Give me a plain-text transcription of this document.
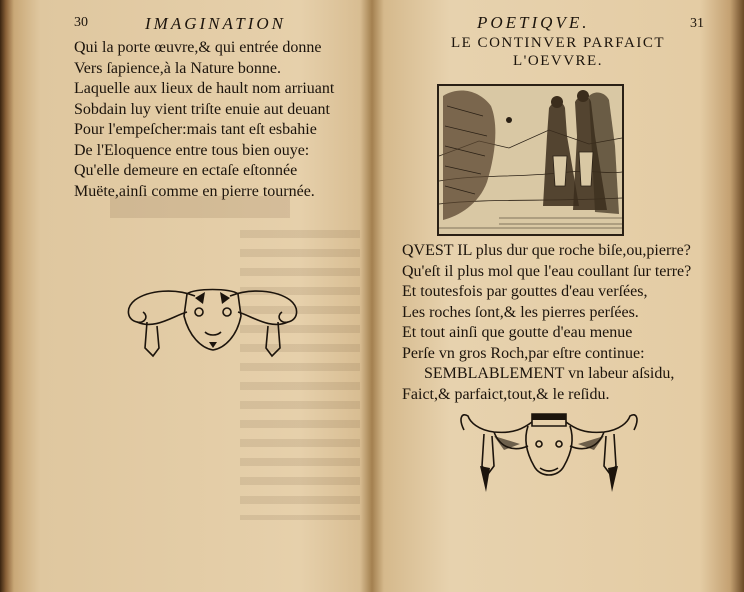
30	IMAGINATION
Qui la porte œuvre,& qui entrée donne
Vers ſapience,à la Nature bonne.
Laquelle aux lieux de hault nom arriuant
Sobdain luy vient triſte enuie aut deuant
Pour l'empeſcher:mais tant eſt esbahie
De l'Eloquence entre tous bien ouye:
Qu'elle demeure en ectaſe eſtonnée
Muëte,ainſi comme en pierre tournée.
POETIQVE.	31
LE CONTINVER PARFAICT
L'OEVVRE.
QVEST IL plus dur que roche biſe,ou,pierre?
Qu'eſt il plus mol que l'eau coullant ſur terre?
Et toutesfois par gouttes d'eau verſées,
Les roches ſont,& les pierres perſées.
Et tout ainſi que goutte d'eau menue
Perſe vn gros Roch,par eſtre continue:
SEMBLABLEMENT vn labeur aſsidu,
Faict,& parfaict,tout,& le reſidu.
